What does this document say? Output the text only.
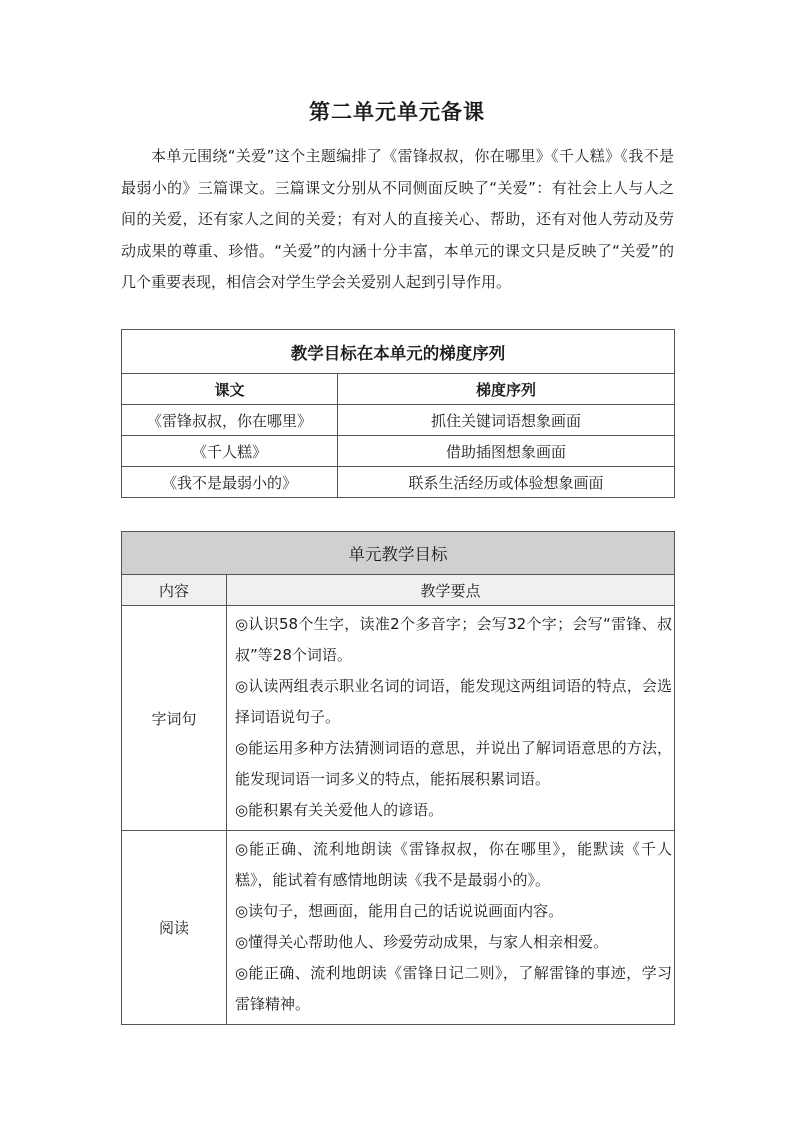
第二单元单元备课

本单元围绕“关爱”这个主题编排了《雷锋叔叔，你在哪里》《千人糕》《我不是最弱小的》三篇课文。三篇课文分别从不同侧面反映了“关爱”：有社会上人与人之间的关爱，还有家人之间的关爱；有对人的直接关心、帮助，还有对他人劳动及劳动成果的尊重、珍惜。“关爱”的内涵十分丰富，本单元的课文只是反映了“关爱”的几个重要表现，相信会对学生学会关爱别人起到引导作用。

教学目标在本单元的梯度序列	
课文	梯度序列
《雷锋叔叔，你在哪里》	抓住关键词语想象画面
《千人糕》	借助插图想象画面
《我不是最弱小的》	联系生活经历或体验想象画面
单元教学目标	
内容	教学要点
字词句	◎认识58个生字，读准2个多音字；会写32个字；会写“雷锋、叔叔”等28个词语。

◎认读两组表示职业名词的词语，能发现这两组词语的特点，会选择词语说句子。

◎能运用多种方法猜测词语的意思，并说出了解词语意思的方法，能发现词语一词多义的特点，能拓展积累词语。

◎能积累有关关爱他人的谚语。

阅读	◎能正确、流利地朗读《雷锋叔叔，你在哪里》，能默读《千人糕》，能试着有感情地朗读《我不是最弱小的》。

◎读句子，想画面，能用自己的话说说画面内容。

◎懂得关心帮助他人、珍爱劳动成果，与家人相亲相爱。

◎能正确、流利地朗读《雷锋日记二则》，了解雷锋的事迹，学习雷锋精神。
